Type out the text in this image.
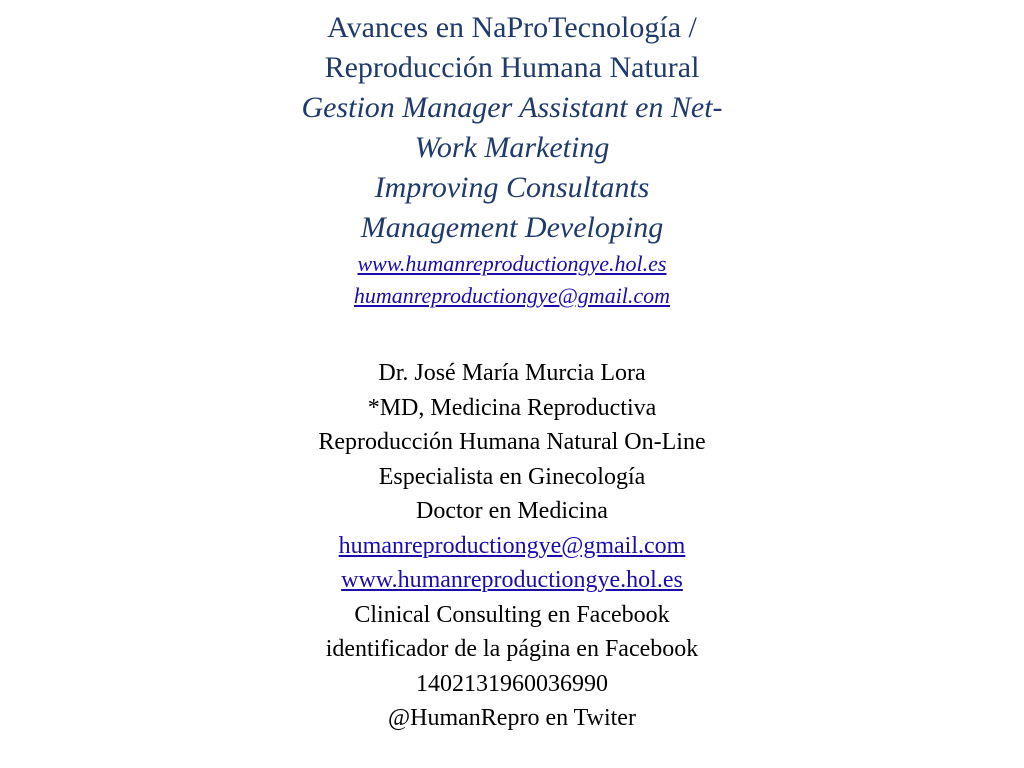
Avances en NaProTecnología /
Reproducción Humana Natural
Gestion Manager Assistant en Net-
Work Marketing
Improving Consultants
Management Developing
www.humanreproductiongye.hol.es
humanreproductiongye@gmail.com
Dr. José María Murcia Lora
*MD, Medicina Reproductiva
Reproducción Humana Natural On-Line
Especialista en Ginecología
Doctor en Medicina
humanreproductiongye@gmail.com
www.humanreproductiongye.hol.es
Clinical Consulting en Facebook
identificador de la página en Facebook
1402131960036990
@HumanRepro en Twiter
